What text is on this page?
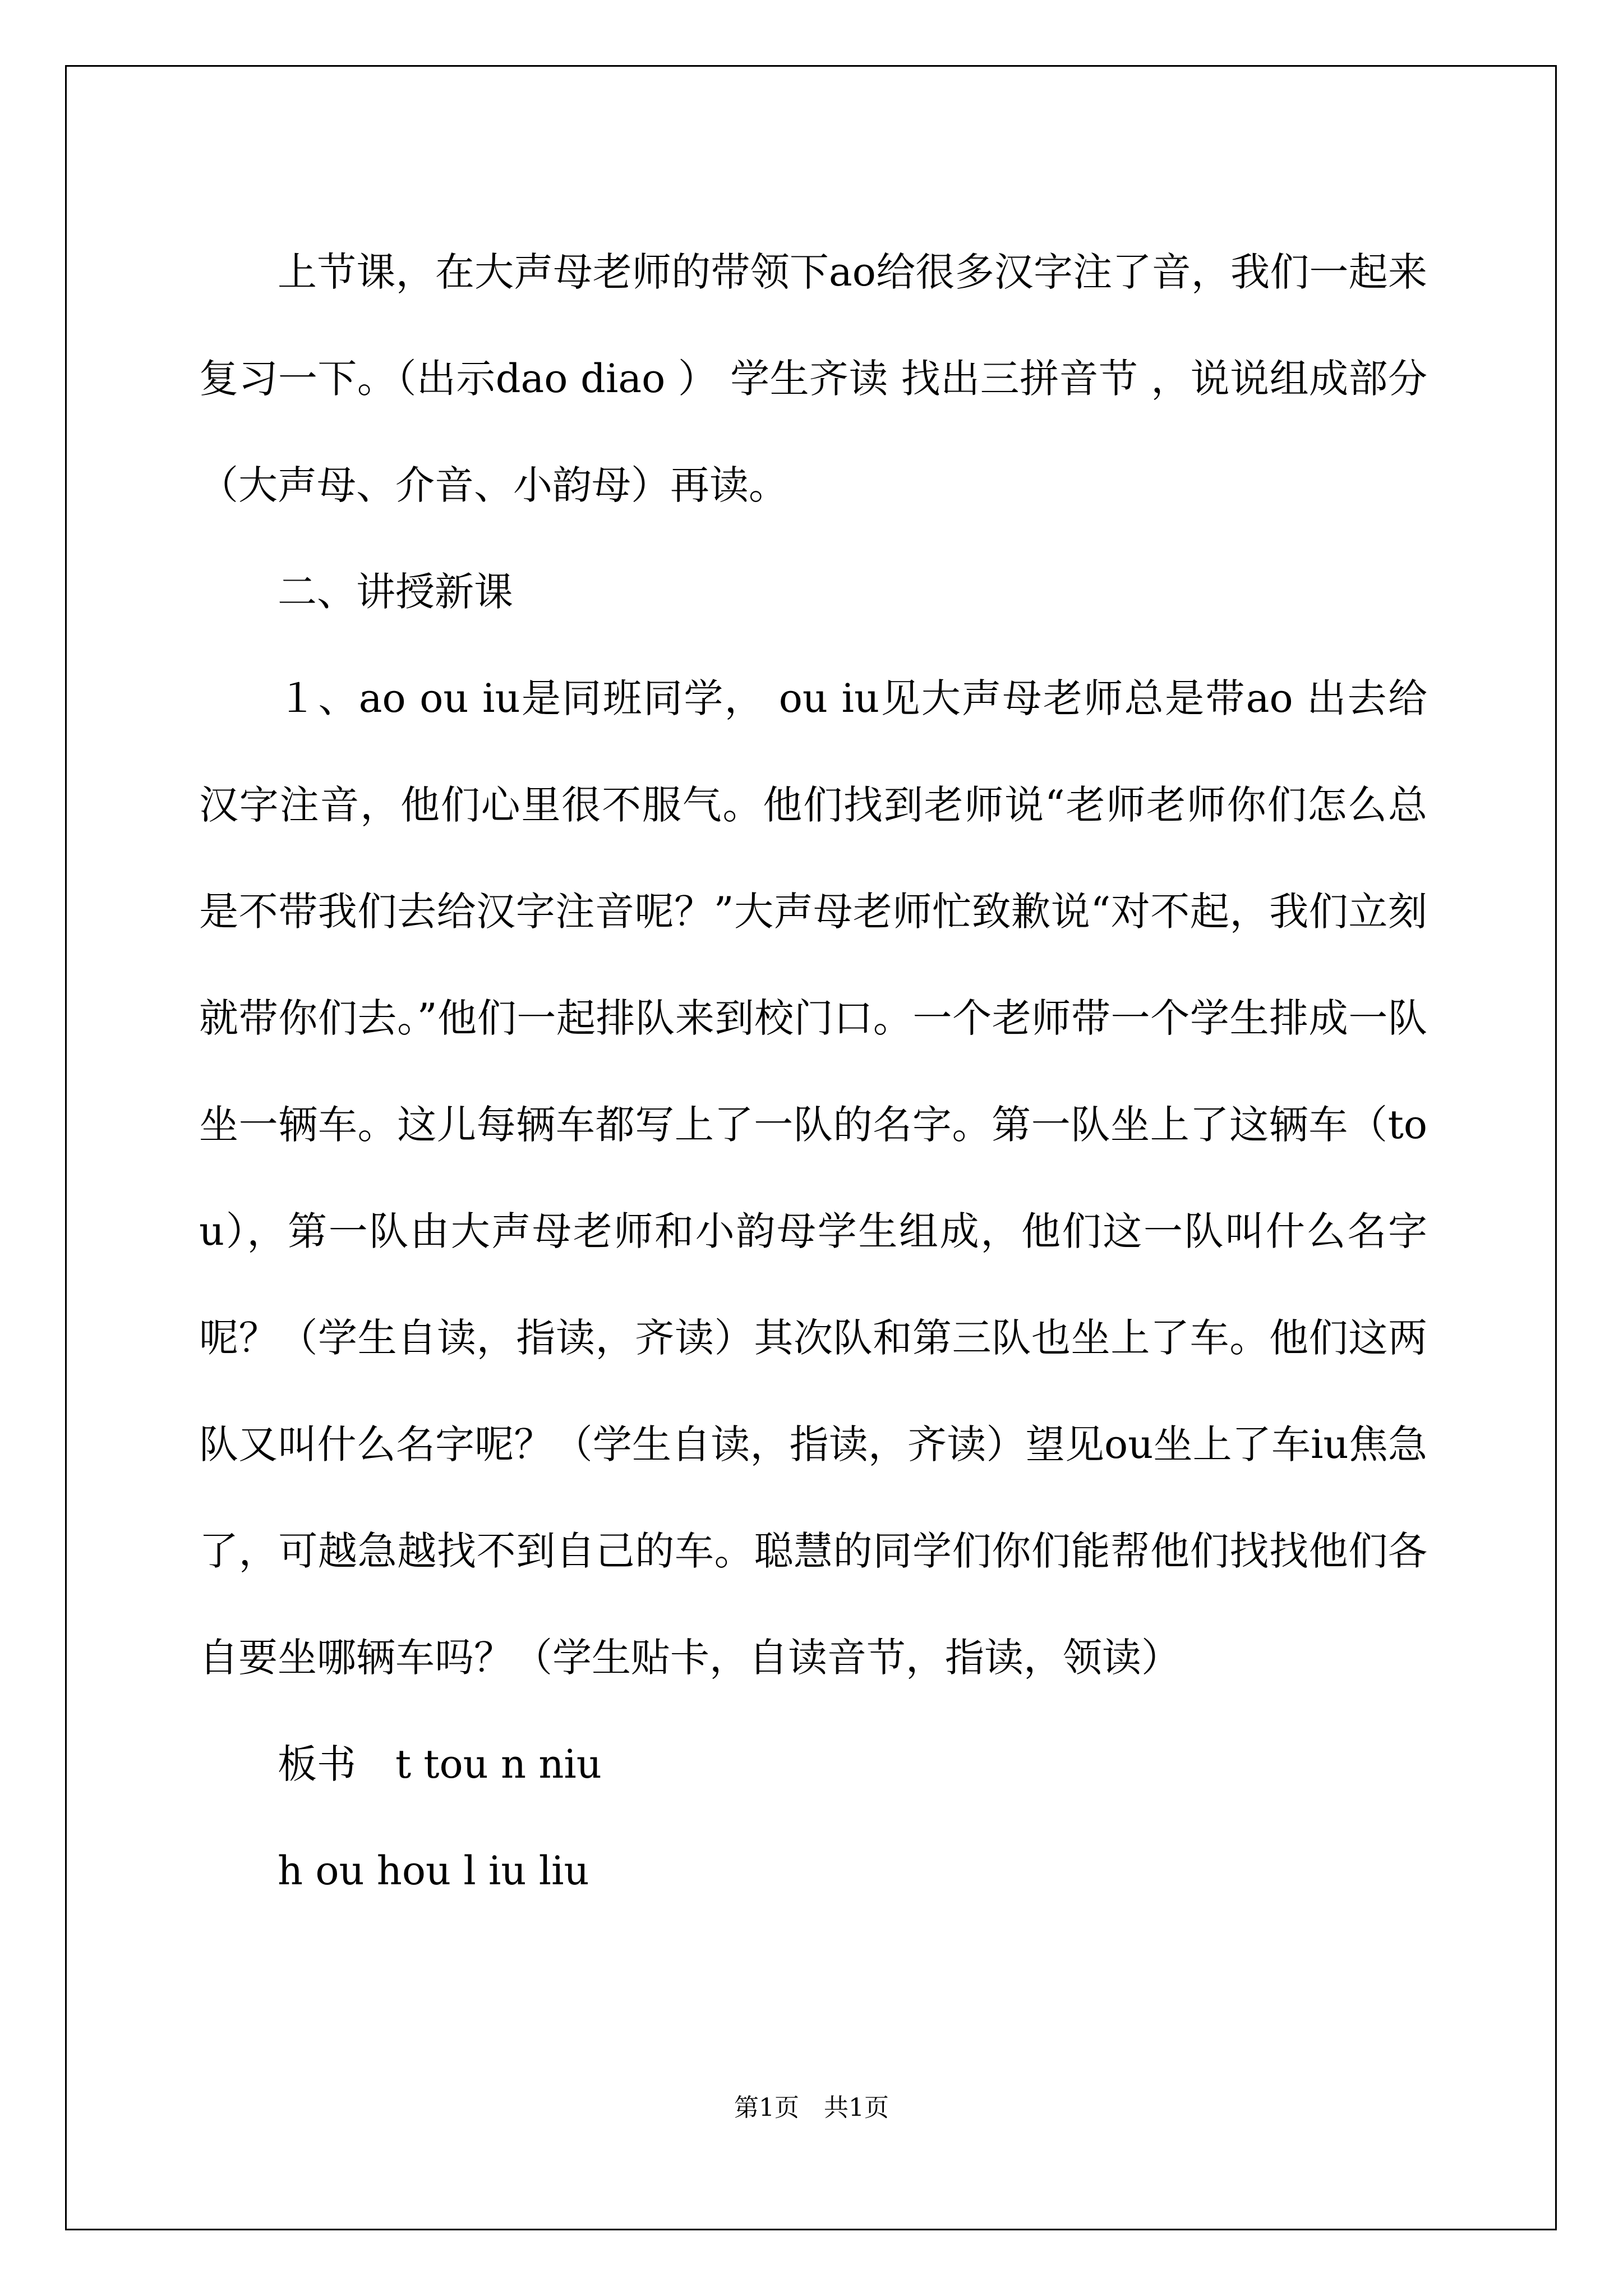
上节课，在大声母老师的带领下ao给很多汉字注了音，我们一起来复习一下。（出示dao diao ） 学生齐读 找出三拼音节 ，说说组成部分（大声母、介音、小韵母）再读。

二、讲授新课

１、ao ou iu是同班同学， ou iu见大声母老师总是带ao 出去给汉字注音，他们心里很不服气。他们找到老师说“老师老师你们怎么总是不带我们去给汉字注音呢？”大声母老师忙致歉说“对不起，我们立刻就带你们去。”他们一起排队来到校门口。一个老师带一个学生排成一队坐一辆车。这儿每辆车都写上了一队的名字。第一队坐上了这辆车（tou），第一队由大声母老师和小韵母学生组成，他们这一队叫什么名字呢？（学生自读，指读，齐读）其次队和第三队也坐上了车。他们这两队又叫什么名字呢？（学生自读，指读，齐读）望见ou坐上了车iu焦急了，可越急越找不到自己的车。聪慧的同学们你们能帮他们找找他们各自要坐哪辆车吗？（学生贴卡，自读音节，指读，领读）

板书　t tou n niu

h ou hou l iu liu

第1页　共1页
